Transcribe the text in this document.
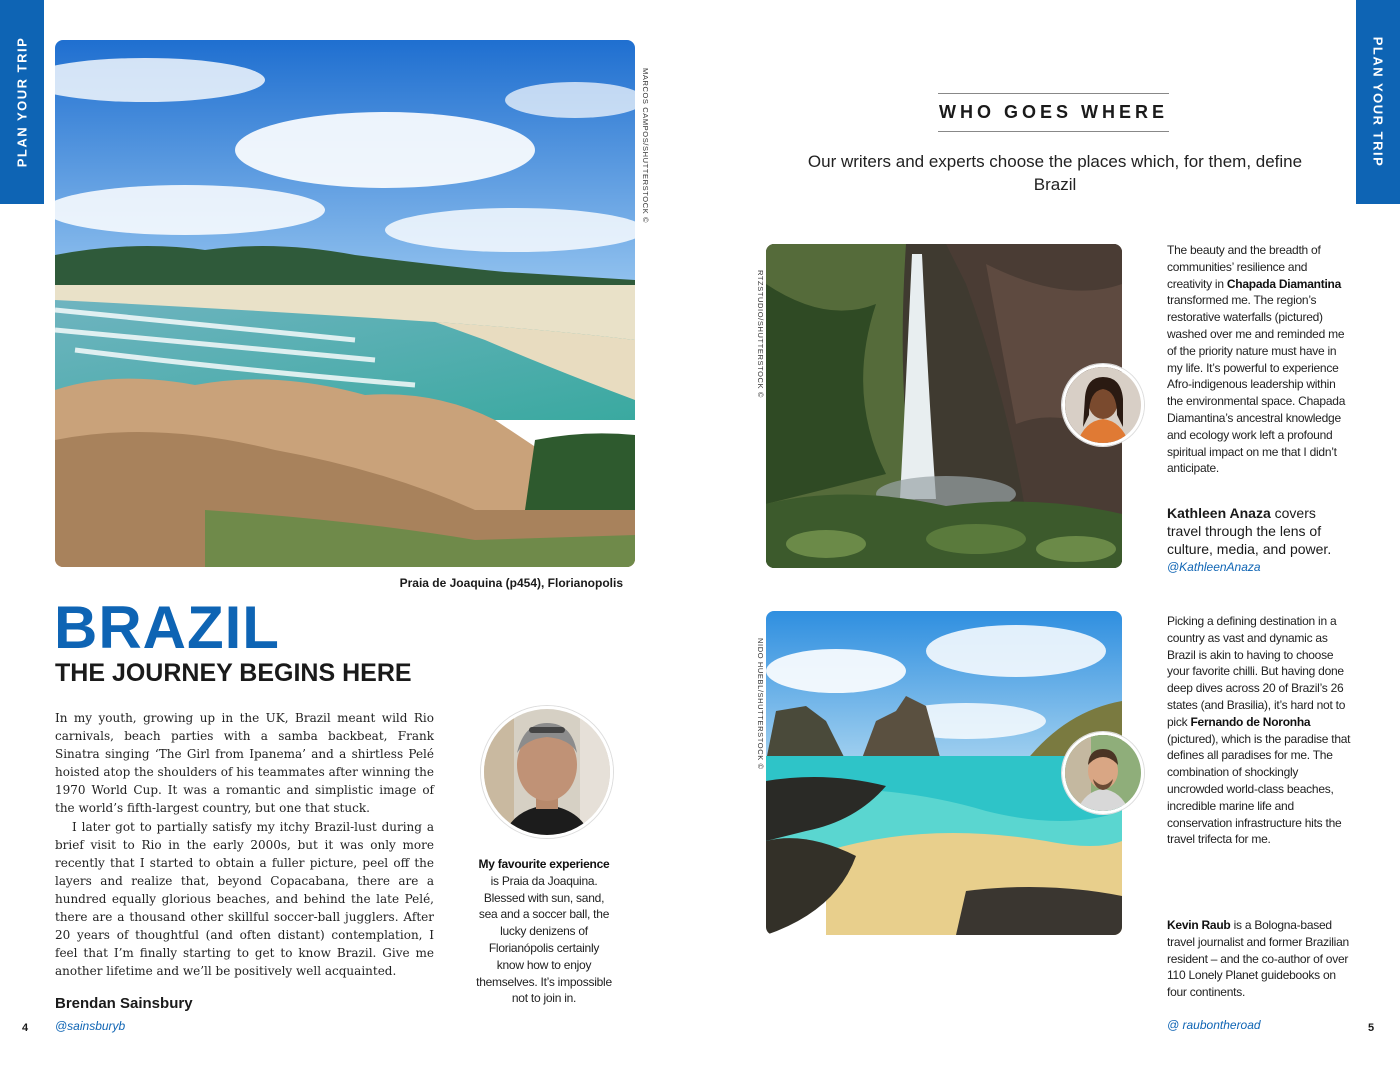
PLAN YOUR TRIP	PLAN YOUR TRIP
MARCOS CAMPOS/SHUTTERSTOCK ©
Praia de Joaquina (p454), Florianopolis
BRAZIL
THE JOURNEY BEGINS HERE

In my youth, growing up in the UK, Brazil meant wild Rio carnivals, beach parties with a samba backbeat, Frank Sinatra singing ‘The Girl from Ipanema’ and a shirtless Pelé hoisted atop the shoulders of his teammates after winning the 1970 World Cup. It was a romantic and simplistic image of the world’s fifth-largest country, but one that stuck.

I later got to partially satisfy my itchy Brazil-lust during a brief visit to Rio in the early 2000s, but it was only more recently that I started to obtain a fuller picture, peel off the layers and realize that, beyond Copacabana, there are a hundred equally glorious beaches, and behind the late Pelé, there are a thousand other skillful soccer-ball jugglers. After 20 years of thoughtful (and often distant) contemplation, I feel that I’m finally starting to get to know Brazil. Give me another lifetime and we’ll be positively well acquainted.

Brendan Sainsbury
@sainsburyb
My favourite experience is Praia da Joaquina. Blessed with sun, sand, sea and a soccer ball, the lucky denizens of Florianópolis certainly know how to enjoy themselves. It’s impossible not to join in.
4
WHO GOES WHERE
Our writers and experts choose the places which, for them, define Brazil
RTZSTUDIO/SHUTTERSTOCK ©
The beauty and the breadth of communities’ resilience and creativity in Chapada Diamantina transformed me. The region’s restorative waterfalls (pictured) washed over me and reminded me of the priority nature must have in my life. It’s powerful to experience Afro-indigenous leadership within the environmental space. Chapada Diamantina’s ancestral knowledge and ecology work left a profound spiritual impact on me that I didn’t anticipate.
Kathleen Anaza covers travel through the lens of culture, media, and power.
@KathleenAnaza
NIDO HUEBL/SHUTTERSTOCK ©
Picking a defining destination in a country as vast and dynamic as Brazil is akin to having to choose your favorite chilli. But having done deep dives across 20 of Brazil’s 26 states (and Brasilia), it’s hard not to pick Fernando de Noronha (pictured), which is the paradise that defines all paradises for me. The combination of shockingly uncrowded world-class beaches, incredible marine life and conservation infrastructure hits the travel trifecta for me.
Kevin Raub is a Bologna-based travel journalist and former Brazilian resident – and the co-author of over 110 Lonely Planet guidebooks on four continents.
@ raubontheroad	5
